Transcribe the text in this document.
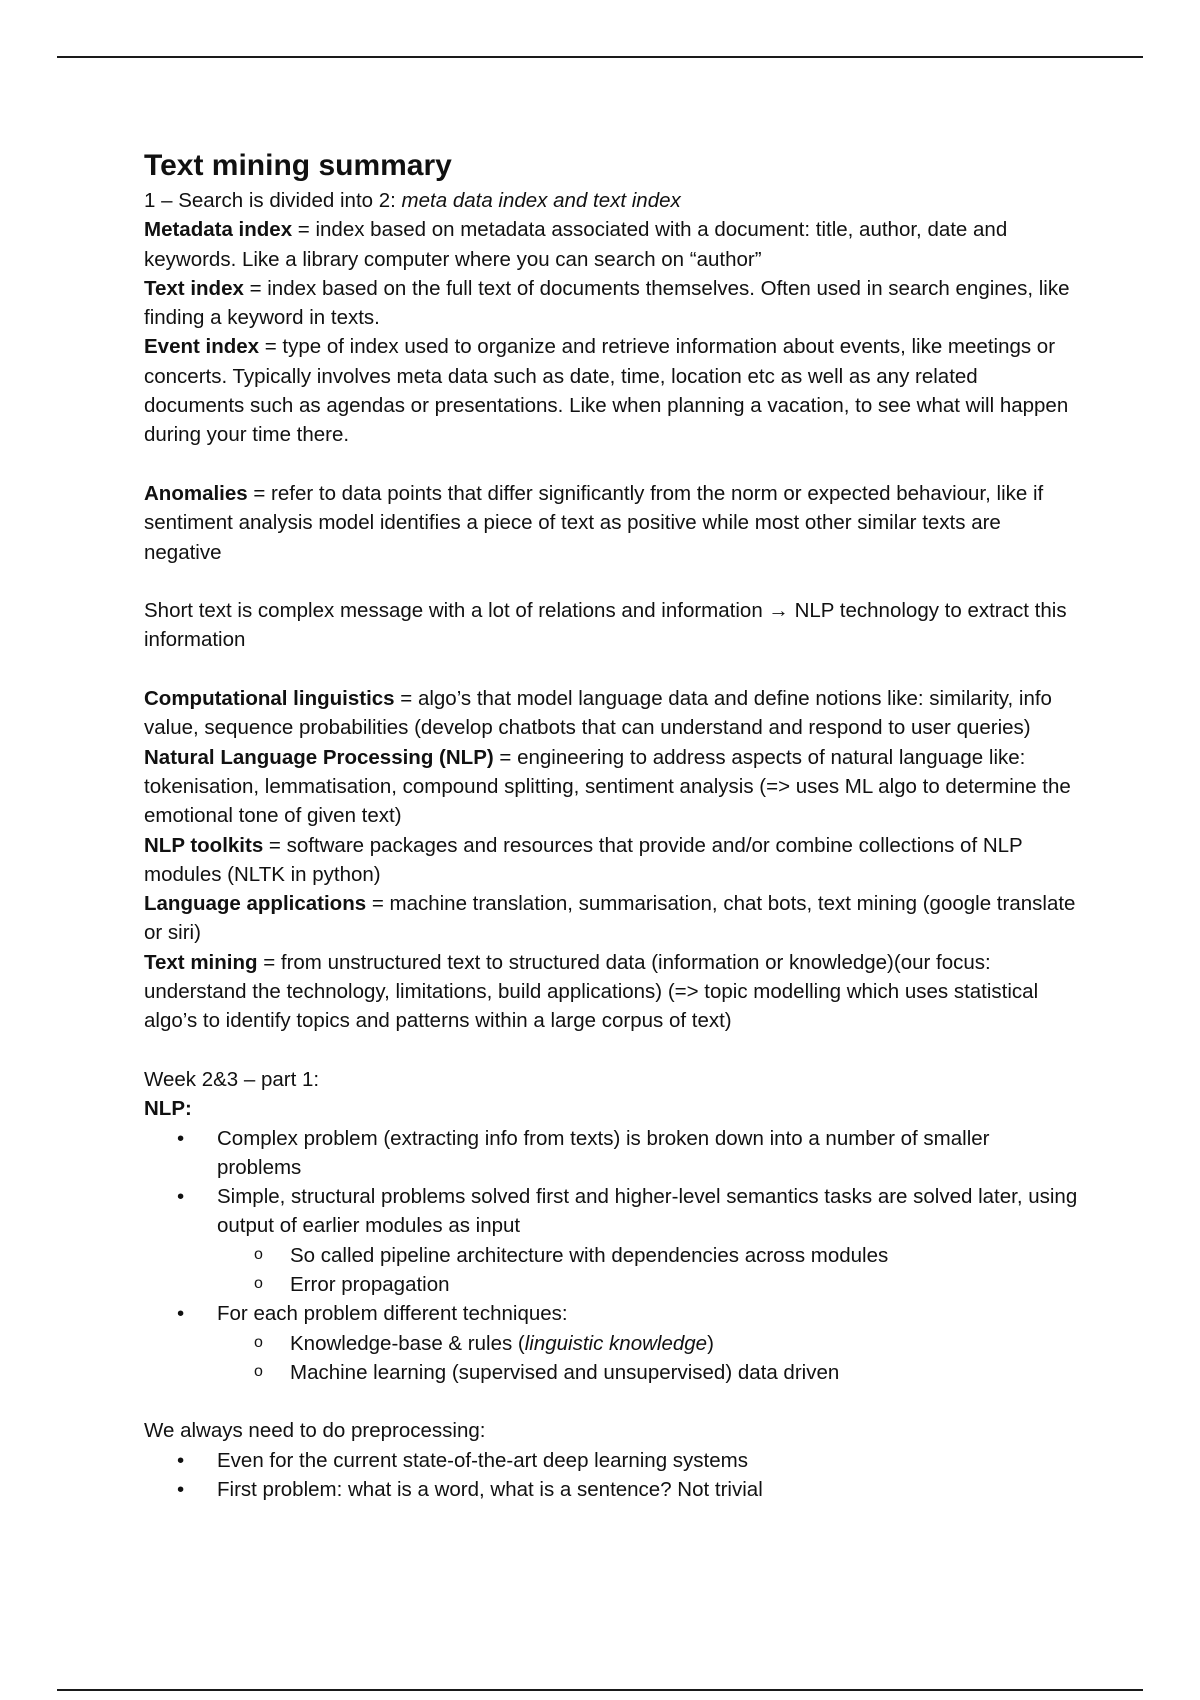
Text mining summary

1 – Search is divided into 2: meta data index and text index

Metadata index = index based on metadata associated with a document: title, author, date and keywords. Like a library computer where you can search on “author”

Text index = index based on the full text of documents themselves. Often used in search engines, like finding a keyword in texts.

Event index = type of index used to organize and retrieve information about events, like meetings or concerts. Typically involves meta data such as date, time, location etc as well as any related documents such as agendas or presentations. Like when planning a vacation, to see what will happen during your time there.

Anomalies = refer to data points that differ significantly from the norm or expected behaviour, like if sentiment analysis model identifies a piece of text as positive while most other similar texts are negative

Short text is complex message with a lot of relations and information → NLP technology to extract this information

Computational linguistics = algo’s that model language data and define notions like: similarity, info value, sequence probabilities (develop chatbots that can understand and respond to user queries)

Natural Language Processing (NLP) = engineering to address aspects of natural language like: tokenisation, lemmatisation, compound splitting, sentiment analysis (=> uses ML algo to determine the emotional tone of given text)

NLP toolkits = software packages and resources that provide and/or combine collections of NLP modules (NLTK in python)

Language applications = machine translation, summarisation, chat bots, text mining (google translate or siri)

Text mining = from unstructured text to structured data (information or knowledge)(our focus: understand the technology, limitations, build applications) (=> topic modelling which uses statistical algo’s to identify topics and patterns within a large corpus of text)

Week 2&3 – part 1:

NLP:

• Complex problem (extracting info from texts) is broken down into a number of smaller problems
• Simple, structural problems solved first and higher-level semantics tasks are solved later, using output of earlier modules as input
o So called pipeline architecture with dependencies across modules
o Error propagation
• For each problem different techniques:
o Knowledge-base & rules (linguistic knowledge)
o Machine learning (supervised and unsupervised) data driven

We always need to do preprocessing:

• Even for the current state-of-the-art deep learning systems
• First problem: what is a word, what is a sentence? Not trivial
